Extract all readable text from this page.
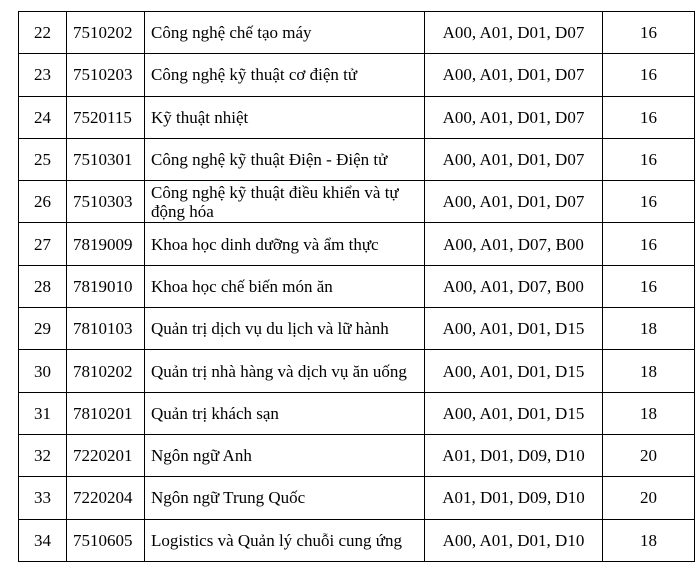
22	7510202	Công nghệ chế tạo máy	A00, A01, D01, D07	16
23	7510203	Công nghệ kỹ thuật cơ điện tử	A00, A01, D01, D07	16
24	7520115	Kỹ thuật nhiệt	A00, A01, D01, D07	16
25	7510301	Công nghệ kỹ thuật Điện - Điện tử	A00, A01, D01, D07	16
26	7510303	Công nghệ kỹ thuật điều khiển và tự động hóa	A00, A01, D01, D07	16
27	7819009	Khoa học dinh dưỡng và ẩm thực	A00, A01, D07, B00	16
28	7819010	Khoa học chế biến món ăn	A00, A01, D07, B00	16
29	7810103	Quản trị dịch vụ du lịch và lữ hành	A00, A01, D01, D15	18
30	7810202	Quản trị nhà hàng và dịch vụ ăn uống	A00, A01, D01, D15	18
31	7810201	Quản trị khách sạn	A00, A01, D01, D15	18
32	7220201	Ngôn ngữ Anh	A01, D01, D09, D10	20
33	7220204	Ngôn ngữ Trung Quốc	A01, D01, D09, D10	20
34	7510605	Logistics và Quản lý chuỗi cung ứng	A00, A01, D01, D10	18
